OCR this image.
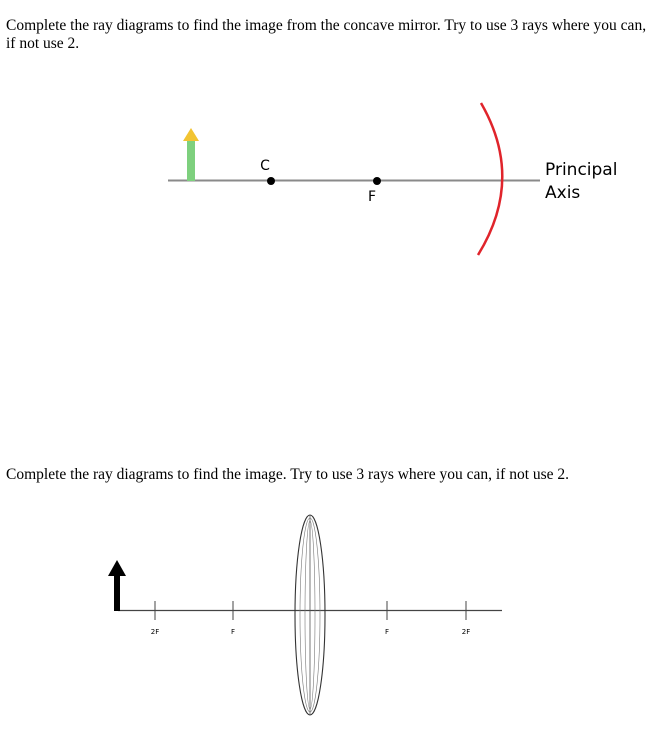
Complete the ray diagrams to find the image from the concave mirror. Try to use 3 rays where you can, if not use 2.

C
F
Principal
Axis

Complete the ray diagrams to find the image. Try to use 3 rays where you can, if not use 2.

2F	F	F	2F
